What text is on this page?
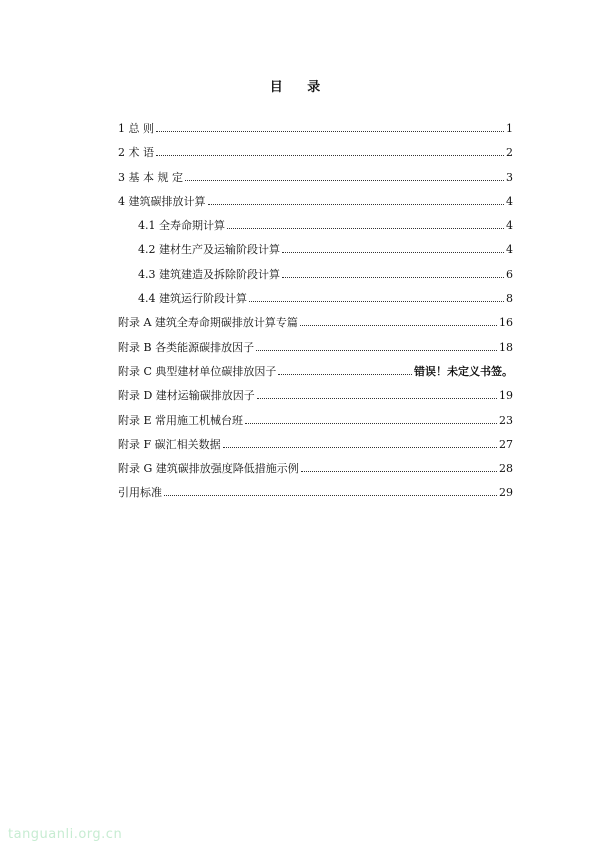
目 录
1 总 则	1
2 术 语	2
3 基 本 规 定	3
4 建筑碳排放计算	4
4.1 全寿命期计算	4
4.2 建材生产及运输阶段计算	4
4.3 建筑建造及拆除阶段计算	6
4.4 建筑运行阶段计算	8
附录 A 建筑全寿命期碳排放计算专篇	16
附录 B 各类能源碳排放因子	18
附录 C 典型建材单位碳排放因子	错误！未定义书签。
附录 D 建材运输碳排放因子	19
附录 E 常用施工机械台班	23
附录 F 碳汇相关数据	27
附录 G 建筑碳排放强度降低措施示例	28
引用标准	29
tanguanli.org.cn
